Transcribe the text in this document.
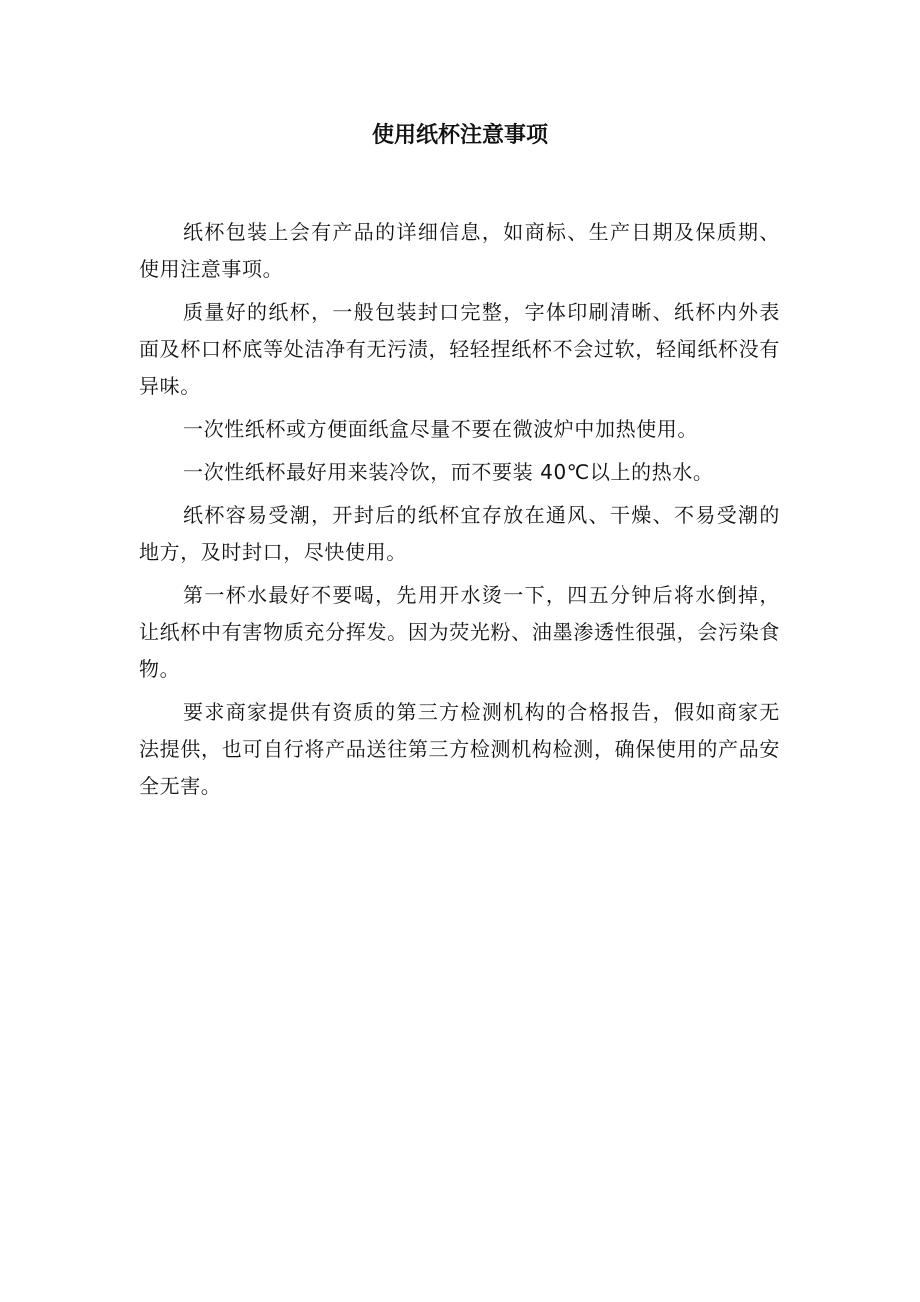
使用纸杯注意事项

纸杯包装上会有产品的详细信息，如商标、生产日期及保质期、使用注意事项。

质量好的纸杯，一般包装封口完整，字体印刷清晰、纸杯内外表面及杯口杯底等处洁净有无污渍，轻轻捏纸杯不会过软，轻闻纸杯没有异味。

一次性纸杯或方便面纸盒尽量不要在微波炉中加热使用。

一次性纸杯最好用来装冷饮，而不要装 40℃以上的热水。

纸杯容易受潮，开封后的纸杯宜存放在通风、干燥、不易受潮的地方，及时封口，尽快使用。

第一杯水最好不要喝，先用开水烫一下，四五分钟后将水倒掉，让纸杯中有害物质充分挥发。因为荧光粉、油墨渗透性很强，会污染食物。

要求商家提供有资质的第三方检测机构的合格报告，假如商家无法提供，也可自行将产品送往第三方检测机构检测，确保使用的产品安全无害。
